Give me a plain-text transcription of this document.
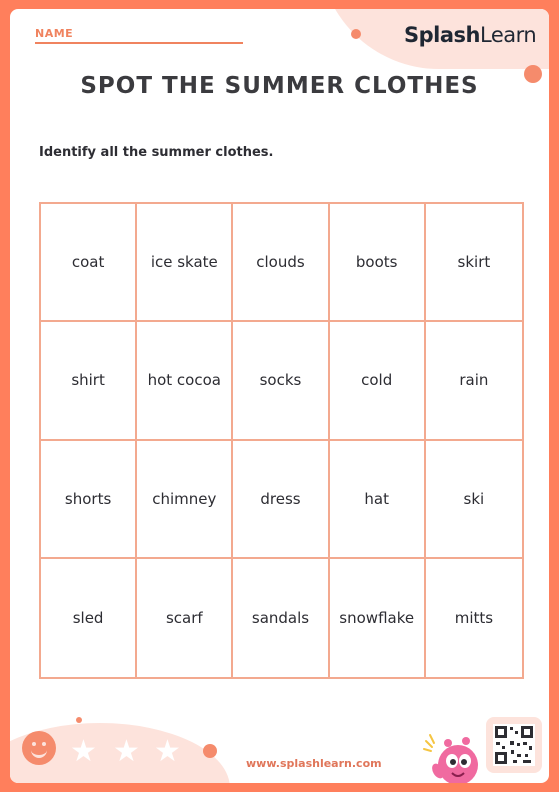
SplashLearn
NAME
SPOT THE SUMMER CLOTHES
Identify all the summer clothes.
coat	ice skate	clouds	boots	skirt
shirt	hot cocoa	socks	cold	rain
shorts	chimney	dress	hat	ski
sled	scarf	sandals	snowflake	mitts
★ ★ ★	www.splashlearn.com
